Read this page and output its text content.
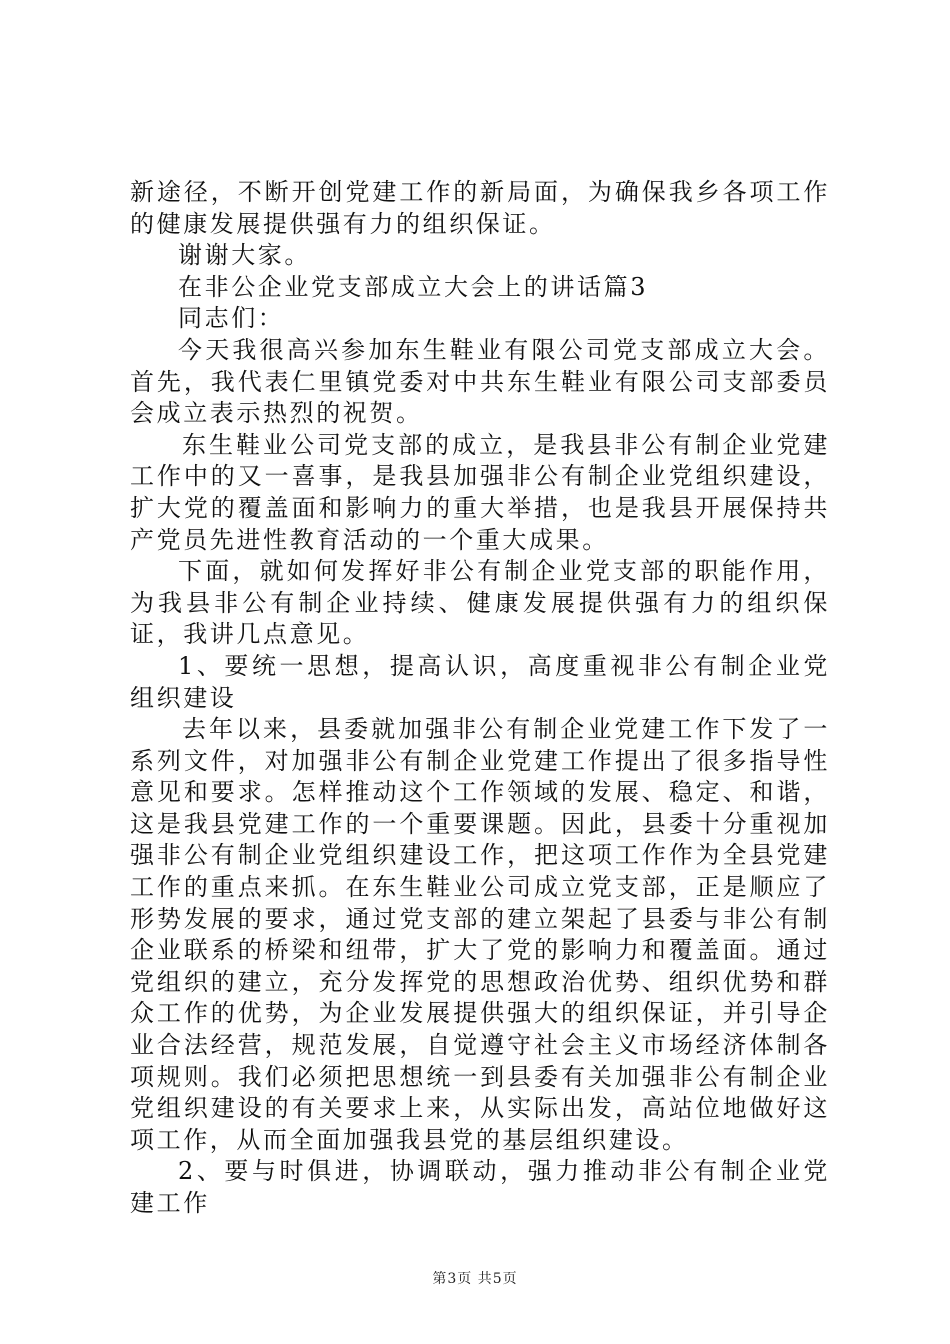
新途径，不断开创党建工作的新局面，为确保我乡各项工作的健康发展提供强有力的组织保证。

谢谢大家。

在非公企业党支部成立大会上的讲话篇3

同志们：

今天我很高兴参加东生鞋业有限公司党支部成立大会。首先，我代表仁里镇党委对中共东生鞋业有限公司支部委员会成立表示热烈的祝贺。

东生鞋业公司党支部的成立，是我县非公有制企业党建工作中的又一喜事，是我县加强非公有制企业党组织建设，扩大党的覆盖面和影响力的重大举措，也是我县开展保持共产党员先进性教育活动的一个重大成果。

下面，就如何发挥好非公有制企业党支部的职能作用，为我县非公有制企业持续、健康发展提供强有力的组织保证，我讲几点意见。

1、要统一思想，提高认识，高度重视非公有制企业党组织建设

去年以来，县委就加强非公有制企业党建工作下发了一系列文件，对加强非公有制企业党建工作提出了很多指导性意见和要求。怎样推动这个工作领域的发展、稳定、和谐，这是我县党建工作的一个重要课题。因此，县委十分重视加强非公有制企业党组织建设工作，把这项工作作为全县党建工作的重点来抓。在东生鞋业公司成立党支部，正是顺应了形势发展的要求，通过党支部的建立架起了县委与非公有制企业联系的桥梁和纽带，扩大了党的影响力和覆盖面。通过党组织的建立，充分发挥党的思想政治优势、组织优势和群众工作的优势，为企业发展提供强大的组织保证，并引导企业合法经营，规范发展，自觉遵守社会主义市场经济体制各项规则。我们必须把思想统一到县委有关加强非公有制企业党组织建设的有关要求上来，从实际出发，高站位地做好这项工作，从而全面加强我县党的基层组织建设。

2、要与时俱进，协调联动，强力推动非公有制企业党建工作

第3页 共5页
